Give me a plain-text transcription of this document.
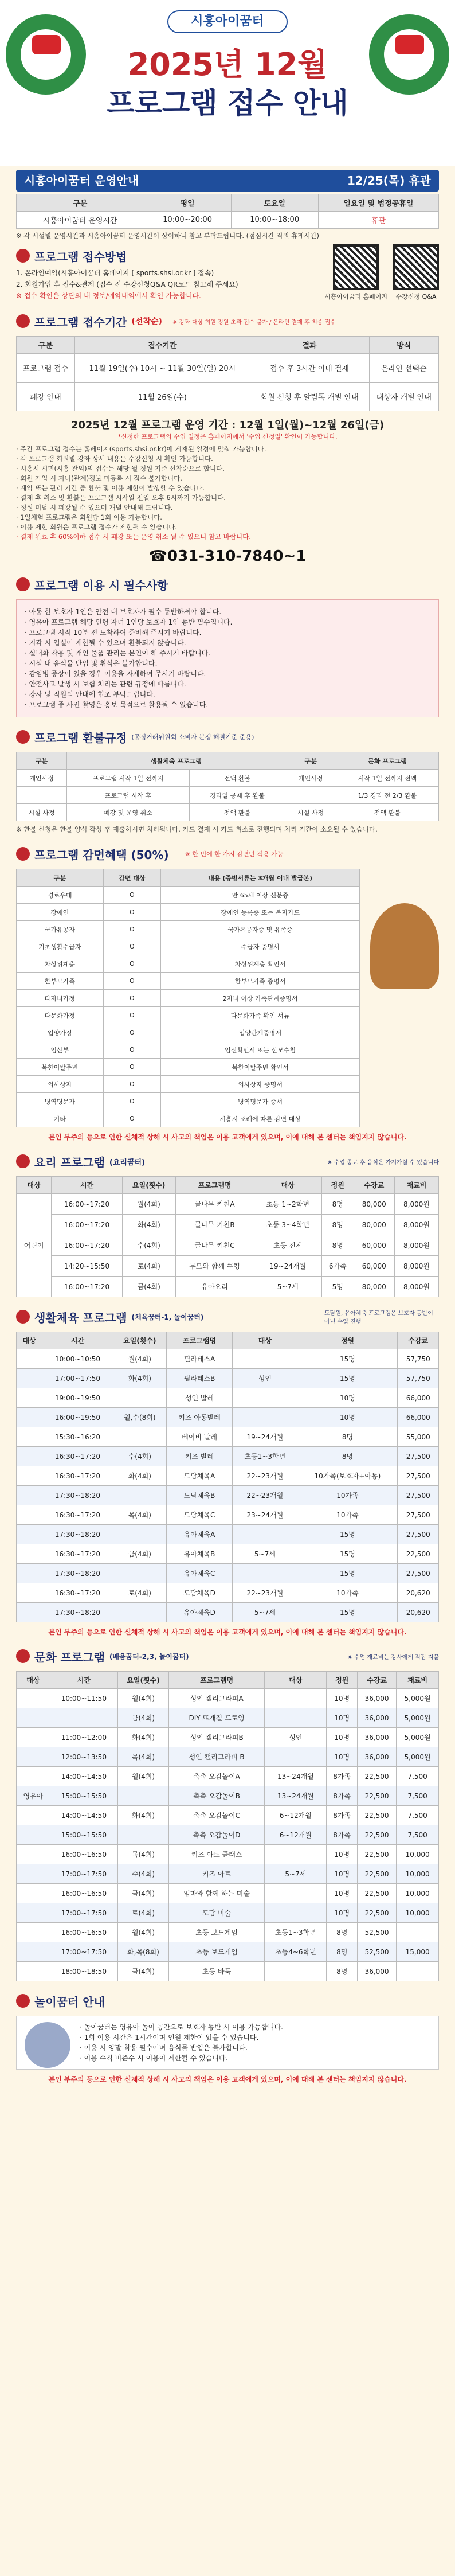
시흥아이꿈터
2025년 12월
프로그램 접수 안내
시흥아이꿈터 운영안내	12/25(목) 휴관
구분	평일	토요일	일요일 및 법정공휴일
시흥아이꿈터 운영시간	10:00~20:00	10:00~18:00	휴관
※ 각 시설별 운영시간과 시흥아이꿈터 운영시간이 상이하니 참고 부탁드립니다. (점심시간 직원 휴게시간)
프로그램 접수방법
1. 온라인예약(시흥아이꿈터 홈페이지 [ sports.shsi.or.kr ] 접속)
2. 회원가입 후 접수&결제 (접수 전 수강신청Q&A QR코드 참고해 주세요)
※ 접수 확인은 상단의 내 정보/예약내역에서 확인 가능합니다.	시흥아이꿈터 홈페이지	수강신청 Q&A
프로그램 접수기간 (선착순) ※ 강좌 대상 회원 정원 초과 접수 불가 / 온라인 결제 후 최종 접수
구분	접수기간	결과	방식
프로그램 접수	11월 19일(수) 10시 ~ 11월 30일(일) 20시	접수 후 3시간 이내 결제	온라인 선택순
폐강 안내	11월 26일(수)	회원 신청 후 알림톡 개별 안내	대상자 개별 안내
2025년 12월 프로그램 운영 기간 : 12월 1일(월)~12월 26일(금)
*신청한 프로그램의 수업 일정은 홈페이지에서 '수업 신청일' 확인이 가능합니다.
· 주간 프로그램 접수는 홈페이지(sports.shsi.or.kr)에 게재된 일정에 맞춰 가능합니다.
· 각 프로그램 회원별 강좌 상세 내용은 수강신청 시 확인 가능합니다.
· 시흥시 시민(시흥 관외)의 접수는 해당 월 정원 기준 선착순으로 합니다.
· 회원 가입 시 자녀(관계)정보 미등록 시 접수 불가합니다.
· 계약 또는 관리 기간 중 환불 및 이용 제한이 발생할 수 있습니다.
· 결제 후 취소 및 환불은 프로그램 시작일 전일 오후 6시까지 가능합니다.
· 정원 미달 시 폐강될 수 있으며 개별 안내해 드립니다.
· 1일체험 프로그램은 회원당 1회 이용 가능합니다.
· 이용 제한 회원은 프로그램 접수가 제한될 수 있습니다.
· 결제 완료 후 60%이하 접수 시 폐강 또는 운영 취소 될 수 있으니 참고 바랍니다.
☎031-310-7840~1
프로그램 이용 시 필수사항
· 아동 한 보호자 1인은 안전 대 보호자가 필수 동반하셔야 합니다.
· 영유아 프로그램 해당 연령 자녀 1인당 보호자 1인 동반 필수입니다.
· 프로그램 시작 10분 전 도착하여 준비해 주시기 바랍니다.
· 지각 시 입실이 제한될 수 있으며 환불되지 않습니다.
· 실내화 착용 및 개인 물품 관리는 본인이 해 주시기 바랍니다.
· 시설 내 음식물 반입 및 취식은 불가합니다.
· 감염병 증상이 있을 경우 이용을 자제하여 주시기 바랍니다.
· 안전사고 발생 시 보험 처리는 관련 규정에 따릅니다.
· 강사 및 직원의 안내에 협조 부탁드립니다.
· 프로그램 중 사진 촬영은 홍보 목적으로 활용될 수 있습니다.
프로그램 환불규정 (공정거래위원회 소비자 분쟁 해결기준 준용)
구분	생활체육 프로그램		구분	문화 프로그램
개인사정	프로그램 시작 1일 전까지	전액 환불	개인사정	시작 1일 전까지 전액
	프로그램 시작 후	경과일 공제 후 환불		1/3 경과 전 2/3 환불
시설 사정	폐강 및 운영 취소	전액 환불	시설 사정	전액 환불
※ 환불 신청은 환불 양식 작성 후 제출하시면 처리됩니다. 카드 결제 시 카드 취소로 진행되며 처리 기간이 소요될 수 있습니다.
프로그램 감면혜택 (50%)	※ 한 번에 한 가지 감면만 적용 가능
구분	감면 대상	내용 (증빙서류는 3개월 이내 발급본)
경로우대	O	만 65세 이상 신분증
장애인	O	장애인 등록증 또는 복지카드
국가유공자	O	국가유공자증 및 유족증
기초생활수급자	O	수급자 증명서
차상위계층	O	차상위계층 확인서
한부모가족	O	한부모가족 증명서
다자녀가정	O	2자녀 이상 가족관계증명서
다문화가정	O	다문화가족 확인 서류
입양가정	O	입양관계증명서
임산부	O	임신확인서 또는 산모수첩
북한이탈주민	O	북한이탈주민 확인서
의사상자	O	의사상자 증명서
병역명문가	O	병역명문가 증서
기타	O	시흥시 조례에 따른 감면 대상
본인 부주의 등으로 인한 신체적 상해 시 사고의 책임은 이용 고객에게 있으며, 이에 대해 본 센터는 책임지지 않습니다.
요리 프로그램 (요리꿈터)	※ 수업 종료 후 음식은 가져가실 수 있습니다
대상	시간	요일(횟수)	프로그램명	대상	정원	수강료	재료비
어린이	16:00~17:20	월(4회)	글나무 키친A	초등 1~2학년	8명	80,000	8,000원
	16:00~17:20	화(4회)	글나무 키친B	초등 3~4학년	8명	80,000	8,000원
	16:00~17:20	수(4회)	글나무 키친C	초등 전체	8명	60,000	8,000원
	14:20~15:50	토(4회)	부모와 함께 쿠킹	19~24개월	6가족	60,000	8,000원
	16:00~17:20	금(4회)	유아요리	5~7세	5명	80,000	8,000원
생활체육 프로그램 (체육꿈터-1, 놀이꿈터)	도담원, 유아체육 프로그램은 보호자 동반이 아닌 수업 진행
대상	시간	요일(횟수)	프로그램명	대상	정원	수강료
	10:00~10:50	월(4회)	필라테스A		15명	57,750
	17:00~17:50	화(4회)	필라테스B	성인	15명	57,750
	19:00~19:50		성인 발레		10명	66,000
	16:00~19:50	월,수(8회)	키즈 아동발레		10명	66,000
	15:30~16:20		베이비 발레	19~24개월	8명	55,000
	16:30~17:20	수(4회)	키즈 발레	초등1~3학년	8명	27,500
	16:30~17:20	화(4회)	도담체육A	22~23개월	10가족(보호자+아동)	27,500
	17:30~18:20		도담체육B	22~23개월	10가족	27,500
	16:30~17:20	목(4회)	도담체육C	23~24개월	10가족	27,500
	17:30~18:20		유아체육A		15명	27,500
	16:30~17:20	금(4회)	유아체육B	5~7세	15명	22,500
	17:30~18:20		유아체육C		15명	27,500
	16:30~17:20	토(4회)	도담체육D	22~23개월	10가족	20,620
	17:30~18:20		유아체육D	5~7세	15명	20,620
본인 부주의 등으로 인한 신체적 상해 시 사고의 책임은 이용 고객에게 있으며, 이에 대해 본 센터는 책임지지 않습니다.
문화 프로그램 (배움꿈터-2,3, 놀이꿈터)	※ 수업 재료비는 강사에게 직접 지불
대상	시간	요일(횟수)	프로그램명	대상	정원	수강료	재료비
	10:00~11:50	월(4회)	성인 캘리그라피A		10명	36,000	5,000원
		금(4회)	DIY 뜨개질 드로잉		10명	36,000	5,000원
	11:00~12:00	화(4회)	성인 캘리그라피B	성인	10명	36,000	5,000원
	12:00~13:50	목(4회)	성인 캘리그라피 B		10명	36,000	5,000원
	14:00~14:50	월(4회)	촉촉 오감놀이A	13~24개월	8가족	22,500	7,500
영유아	15:00~15:50		촉촉 오감놀이B	13~24개월	8가족	22,500	7,500
	14:00~14:50	화(4회)	촉촉 오감놀이C	6~12개월	8가족	22,500	7,500
	15:00~15:50		촉촉 오감놀이D	6~12개월	8가족	22,500	7,500
	16:00~16:50	목(4회)	키즈 아트 클래스		10명	22,500	10,000
	17:00~17:50	수(4회)	키즈 아트	5~7세	10명	22,500	10,000
	16:00~16:50	금(4회)	엄마와 함께 하는 미술		10명	22,500	10,000
	17:00~17:50	토(4회)	도담 미술		10명	22,500	10,000
	16:00~16:50	월(4회)	초등 보드게임	초등1~3학년	8명	52,500	-
	17:00~17:50	화,목(8회)	초등 보드게임	초등4~6학년	8명	52,500	15,000
	18:00~18:50	금(4회)	초등 바둑		8명	36,000	-
놀이꿈터 안내
· 놀이꿈터는 영유아 놀이 공간으로 보호자 동반 시 이용 가능합니다.
· 1회 이용 시간은 1시간이며 인원 제한이 있을 수 있습니다.
· 이용 시 양말 착용 필수이며 음식물 반입은 불가합니다.
· 이용 수칙 미준수 시 이용이 제한될 수 있습니다.
본인 부주의 등으로 인한 신체적 상해 시 사고의 책임은 이용 고객에게 있으며, 이에 대해 본 센터는 책임지지 않습니다.
